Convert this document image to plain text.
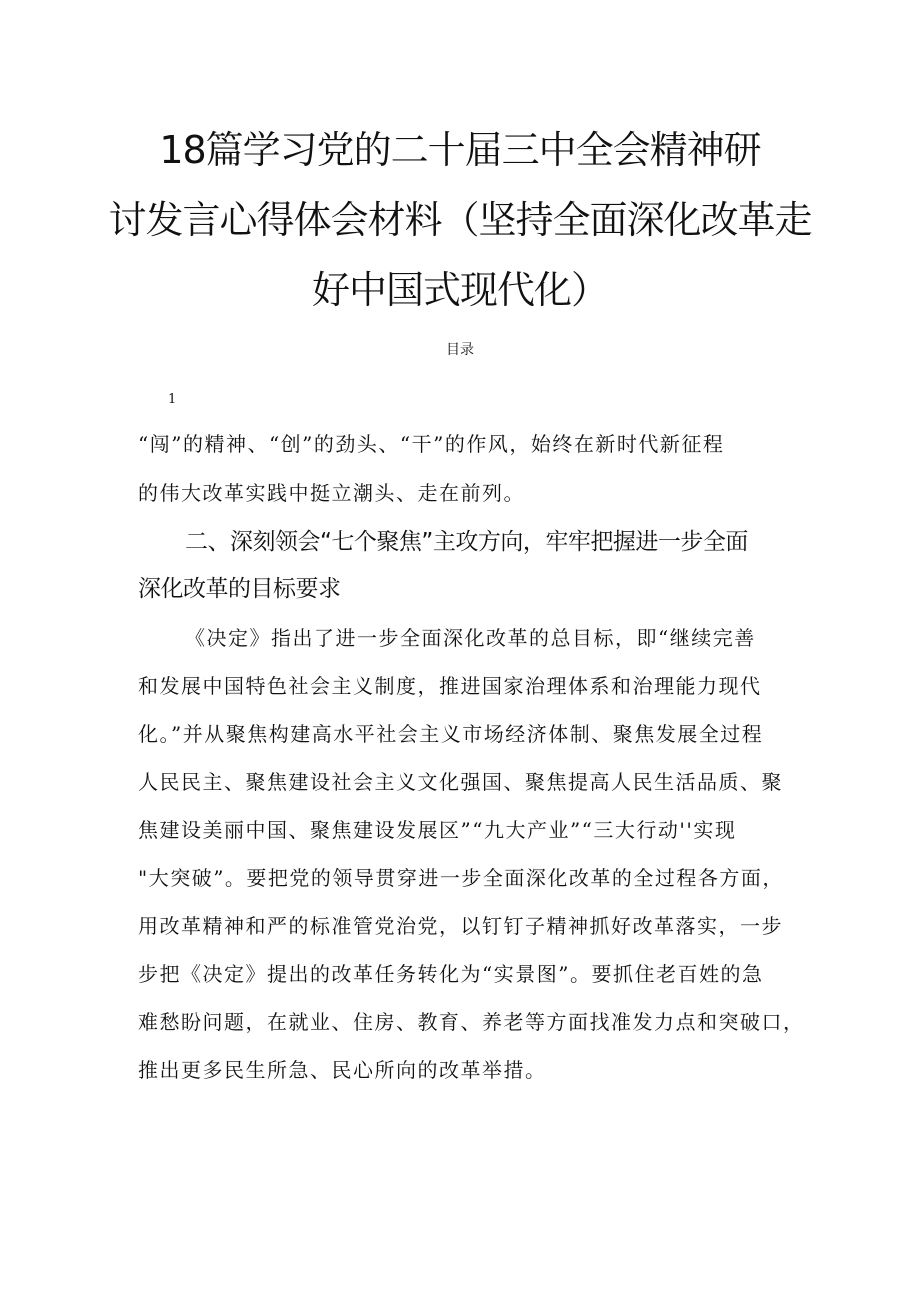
18篇学习党的二十届三中全会精神研
讨发言心得体会材料（坚持全面深化改革走
好中国式现代化）
目录
1
“闯”的精神、“创”的劲头、“干”的作风，始终在新时代新征程
的伟大改革实践中挺立潮头、走在前列。
二、深刻领会“七个聚焦”主攻方向，牢牢把握进一步全面
深化改革的目标要求
《决定》指出了进一步全面深化改革的总目标，即“继续完善
和发展中国特色社会主义制度，推进国家治理体系和治理能力现代
化。”并从聚焦构建高水平社会主义市场经济体制、聚焦发展全过程
人民民主、聚焦建设社会主义文化强国、聚焦提高人民生活品质、聚
焦建设美丽中国、聚焦建设发展区”“九大产业”“三大行动''实现
"大突破”。要把党的领导贯穿进一步全面深化改革的全过程各方面，
用改革精神和严的标准管党治党，以钉钉子精神抓好改革落实，一步
步把《决定》提出的改革任务转化为“实景图”。要抓住老百姓的急
难愁盼问题，在就业、住房、教育、养老等方面找准发力点和突破口，
推出更多民生所急、民心所向的改革举措。
